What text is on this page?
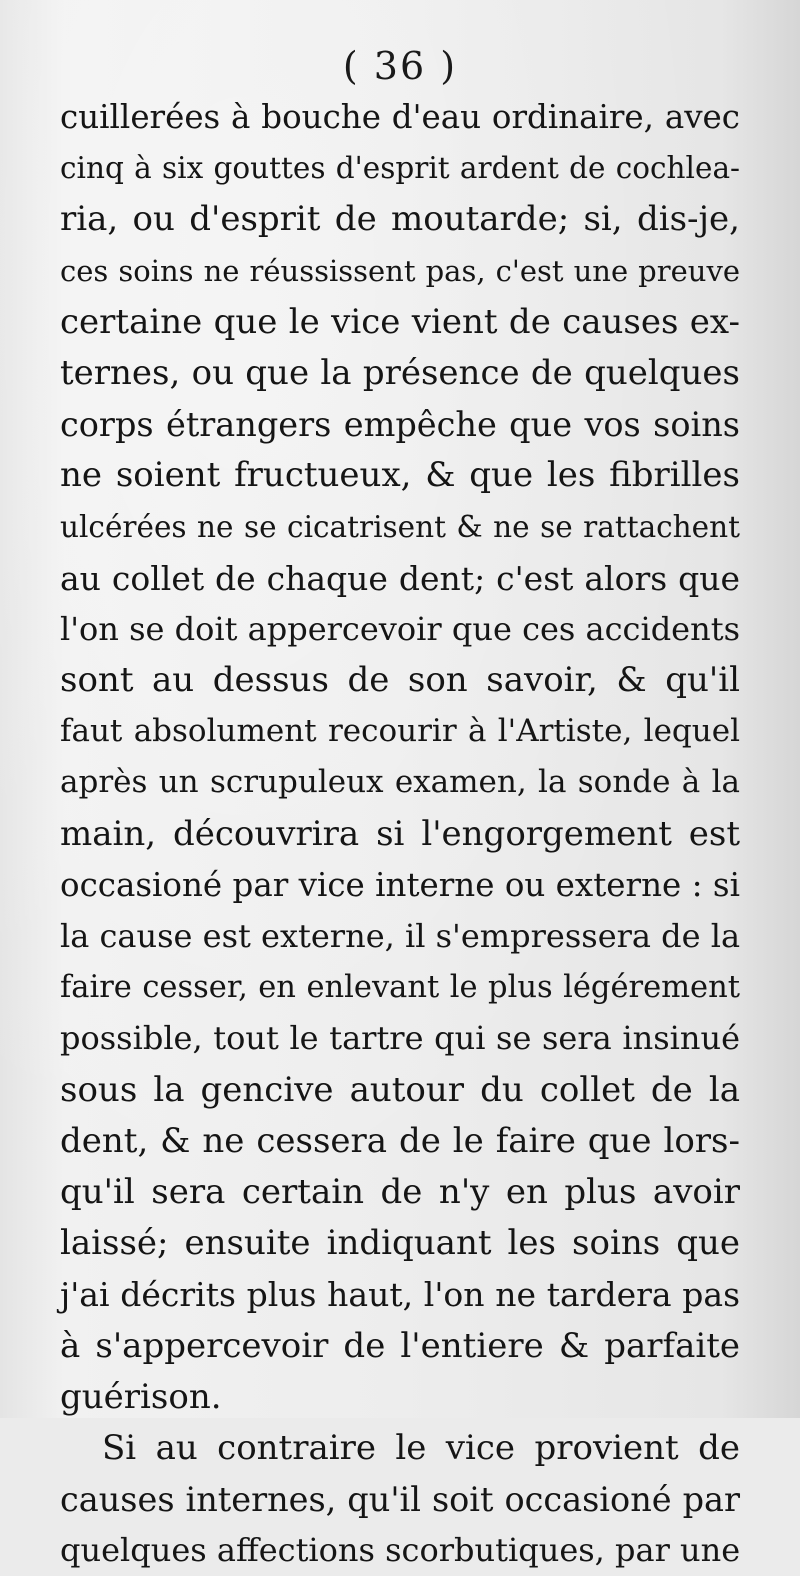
( 36 )
cuillerées à bouche d'eau ordinaire, avec
cinq à six gouttes d'esprit ardent de cochlea-
ria, ou d'esprit de moutarde; si, dis-je,
ces soins ne réussissent pas, c'est une preuve
certaine que le vice vient de causes ex-
ternes, ou que la présence de quelques
corps étrangers empêche que vos soins
ne soient fructueux, & que les fibrilles
ulcérées ne se cicatrisent & ne se rattachent
au collet de chaque dent; c'est alors que
l'on se doit appercevoir que ces accidents
sont au dessus de son savoir, & qu'il
faut absolument recourir à l'Artiste, lequel
après un scrupuleux examen, la sonde à la
main, découvrira si l'engorgement est
occasioné par vice interne ou externe : si
la cause est externe, il s'empressera de la
faire cesser, en enlevant le plus légérement
possible, tout le tartre qui se sera insinué
sous la gencive autour du collet de la
dent, & ne cessera de le faire que lors-
qu'il sera certain de n'y en plus avoir
laissé; ensuite indiquant les soins que
j'ai décrits plus haut, l'on ne tardera pas
à s'appercevoir de l'entiere & parfaite
guérison.
Si au contraire le vice provient de
causes internes, qu'il soit occasioné par
quelques affections scorbutiques, par une
